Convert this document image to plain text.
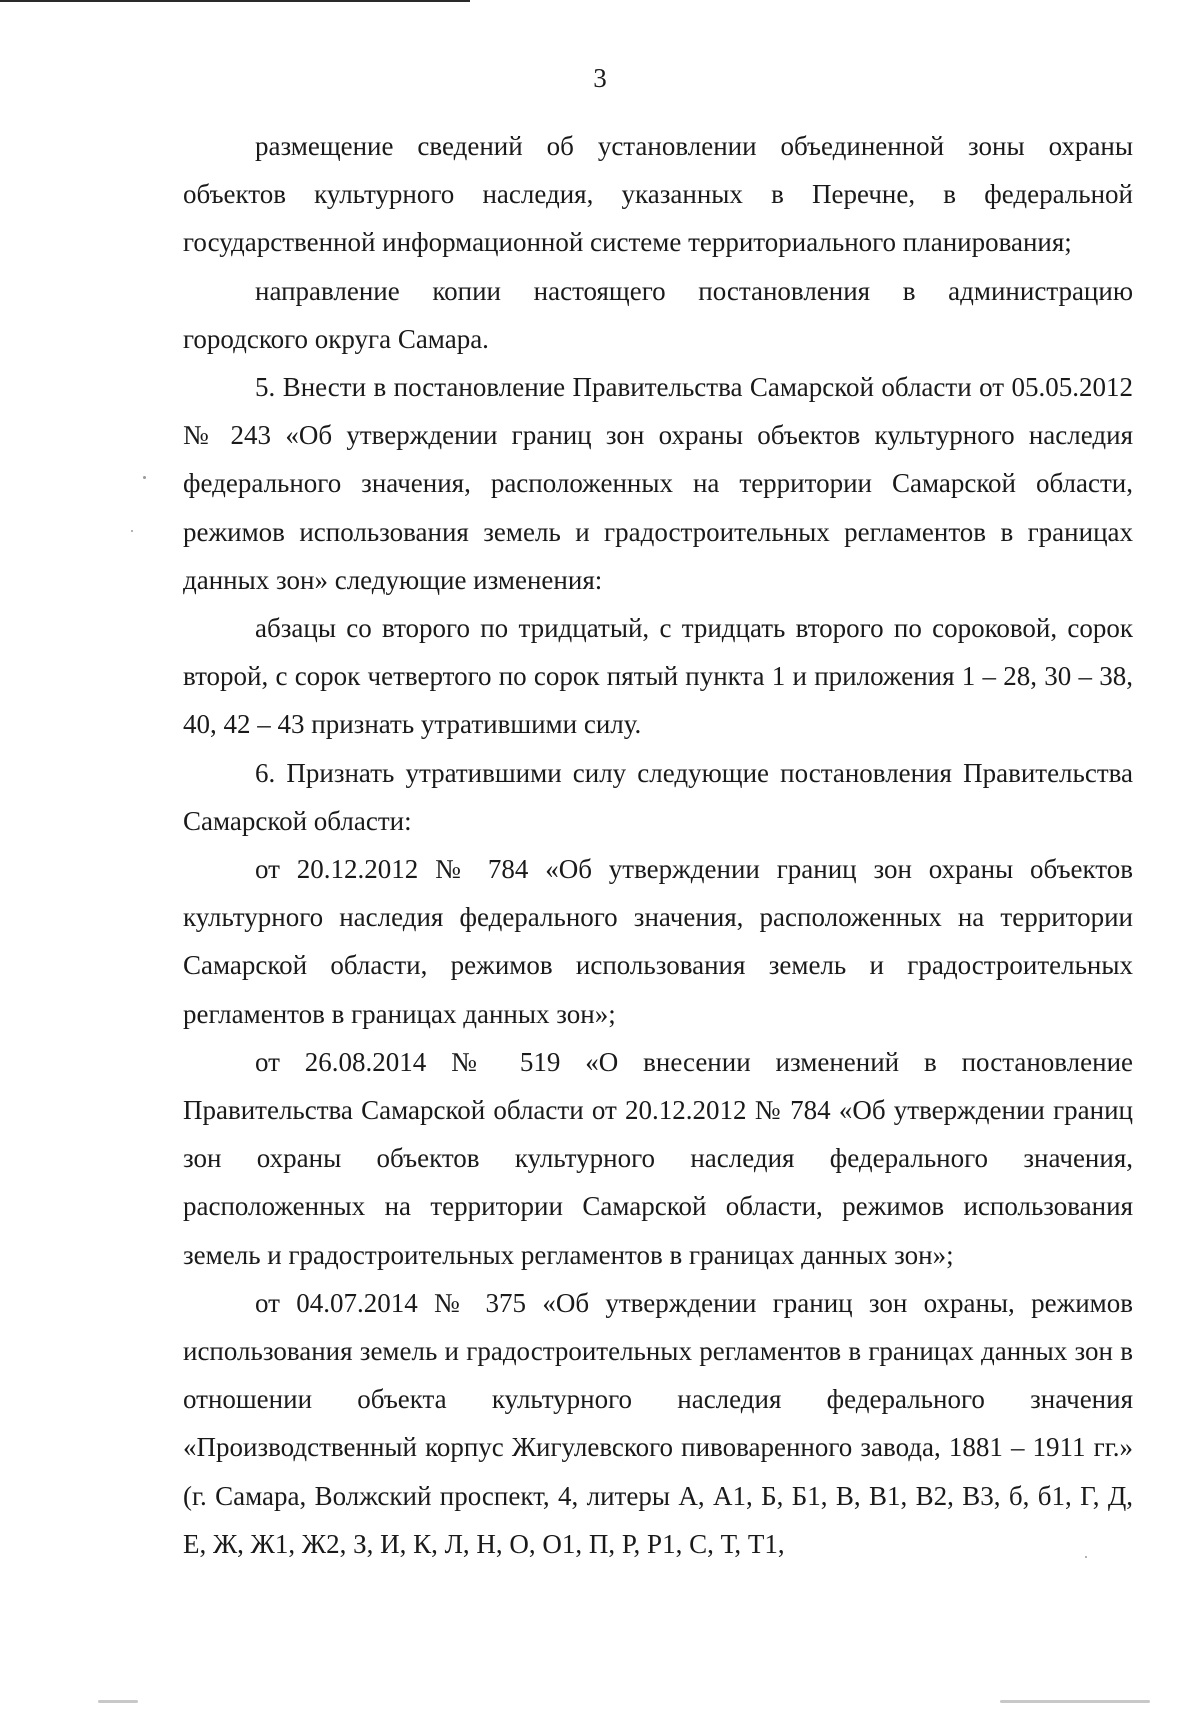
3

размещение сведений об установлении объединенной зоны охраны объектов культурного наследия, указанных в Перечне, в федеральной государственной информационной системе территориального планирования;

направление копии настоящего постановления в администрацию городского округа Самара.

5. Внести в постановление Правительства Самарской области от 05.05.2012 № 243 «Об утверждении границ зон охраны объектов культурного наследия федерального значения, расположенных на территории Самарской области, режимов использования земель и градостроительных регламентов в границах данных зон» следующие изменения:

абзацы со второго по тридцатый, с тридцать второго по сороковой, сорок второй, с сорок четвертого по сорок пятый пункта 1 и приложения 1 – 28, 30 – 38, 40, 42 – 43 признать утратившими силу.

6. Признать утратившими силу следующие постановления Правительства Самарской области:

от 20.12.2012 № 784 «Об утверждении границ зон охраны объектов культурного наследия федерального значения, расположенных на территории Самарской области, режимов использования земель и градостроительных регламентов в границах данных зон»;

от 26.08.2014 № 519 «О внесении изменений в постановление Правительства Самарской области от 20.12.2012 № 784 «Об утверждении границ зон охраны объектов культурного наследия федерального значения, расположенных на территории Самарской области, режимов использования земель и градостроительных регламентов в границах данных зон»;

от 04.07.2014 № 375 «Об утверждении границ зон охраны, режимов использования земель и градостроительных регламентов в границах данных зон в отношении объекта культурного наследия федерального значения «Производственный корпус Жигулевского пивоваренного завода, 1881 – 1911 гг.» (г. Самара, Волжский проспект, 4, литеры А, А1, Б, Б1, В, В1, В2, В3, б, б1, Г, Д, Е, Ж, Ж1, Ж2, З, И, К, Л, Н, О, О1, П, Р, Р1, С, Т, Т1,
